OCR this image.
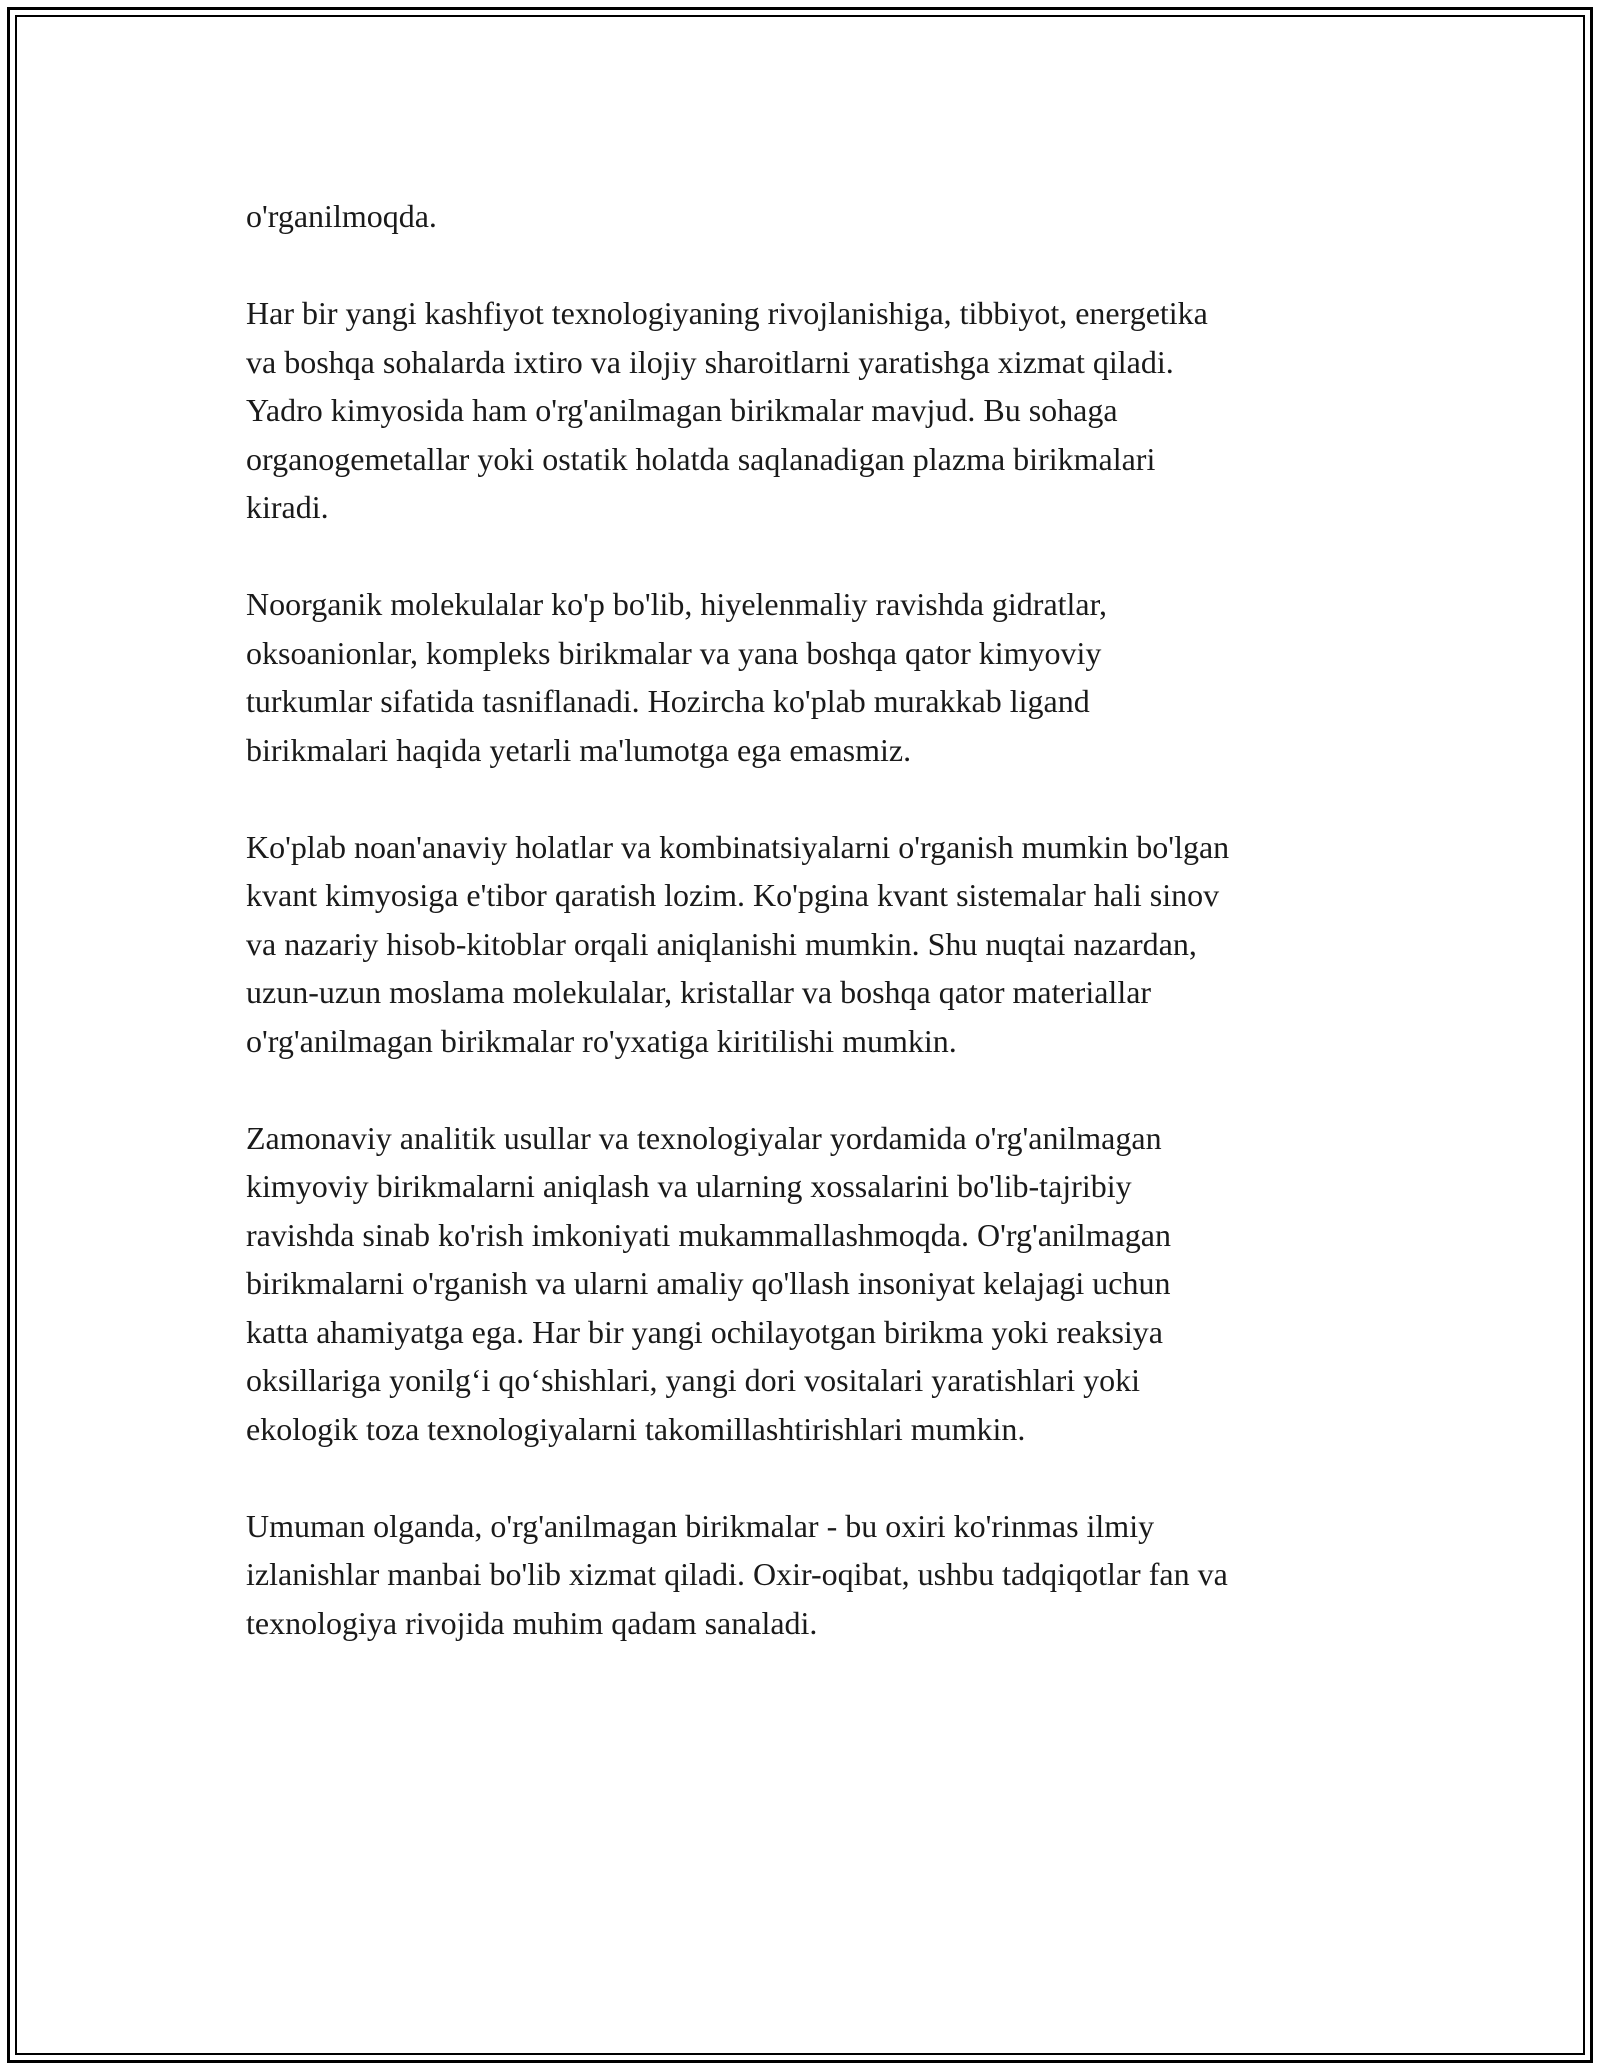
o'rganilmoqda.
Har bir yangi kashfiyot texnologiyaning rivojlanishiga, tibbiyot, energetika
va boshqa sohalarda ixtiro va ilojiy sharoitlarni yaratishga xizmat qiladi.
Yadro kimyosida ham o'rg'anilmagan birikmalar mavjud. Bu sohaga
organogemetallar yoki ostatik holatda saqlanadigan plazma birikmalari
kiradi.
Noorganik molekulalar ko'p bo'lib, hiyelenmaliy ravishda gidratlar,
oksoanionlar, kompleks birikmalar va yana boshqa qator kimyoviy
turkumlar sifatida tasniflanadi. Hozircha ko'plab murakkab ligand
birikmalari haqida yetarli ma'lumotga ega emasmiz.
Ko'plab noan'anaviy holatlar va kombinatsiyalarni o'rganish mumkin bo'lgan
kvant kimyosiga e'tibor qaratish lozim. Ko'pgina kvant sistemalar hali sinov
va nazariy hisob-kitoblar orqali aniqlanishi mumkin. Shu nuqtai nazardan,
uzun-uzun moslama molekulalar, kristallar va boshqa qator materiallar
o'rg'anilmagan birikmalar ro'yxatiga kiritilishi mumkin.
Zamonaviy analitik usullar va texnologiyalar yordamida o'rg'anilmagan
kimyoviy birikmalarni aniqlash va ularning xossalarini bo'lib-tajribiy
ravishda sinab ko'rish imkoniyati mukammallashmoqda. O'rg'anilmagan
birikmalarni o'rganish va ularni amaliy qo'llash insoniyat kelajagi uchun
katta ahamiyatga ega. Har bir yangi ochilayotgan birikma yoki reaksiya
oksillariga yonilg‘i qo‘shishlari, yangi dori vositalari yaratishlari yoki
ekologik toza texnologiyalarni takomillashtirishlari mumkin.
Umuman olganda, o'rg'anilmagan birikmalar - bu oxiri ko'rinmas ilmiy
izlanishlar manbai bo'lib xizmat qiladi. Oxir-oqibat, ushbu tadqiqotlar fan va
texnologiya rivojida muhim qadam sanaladi.
